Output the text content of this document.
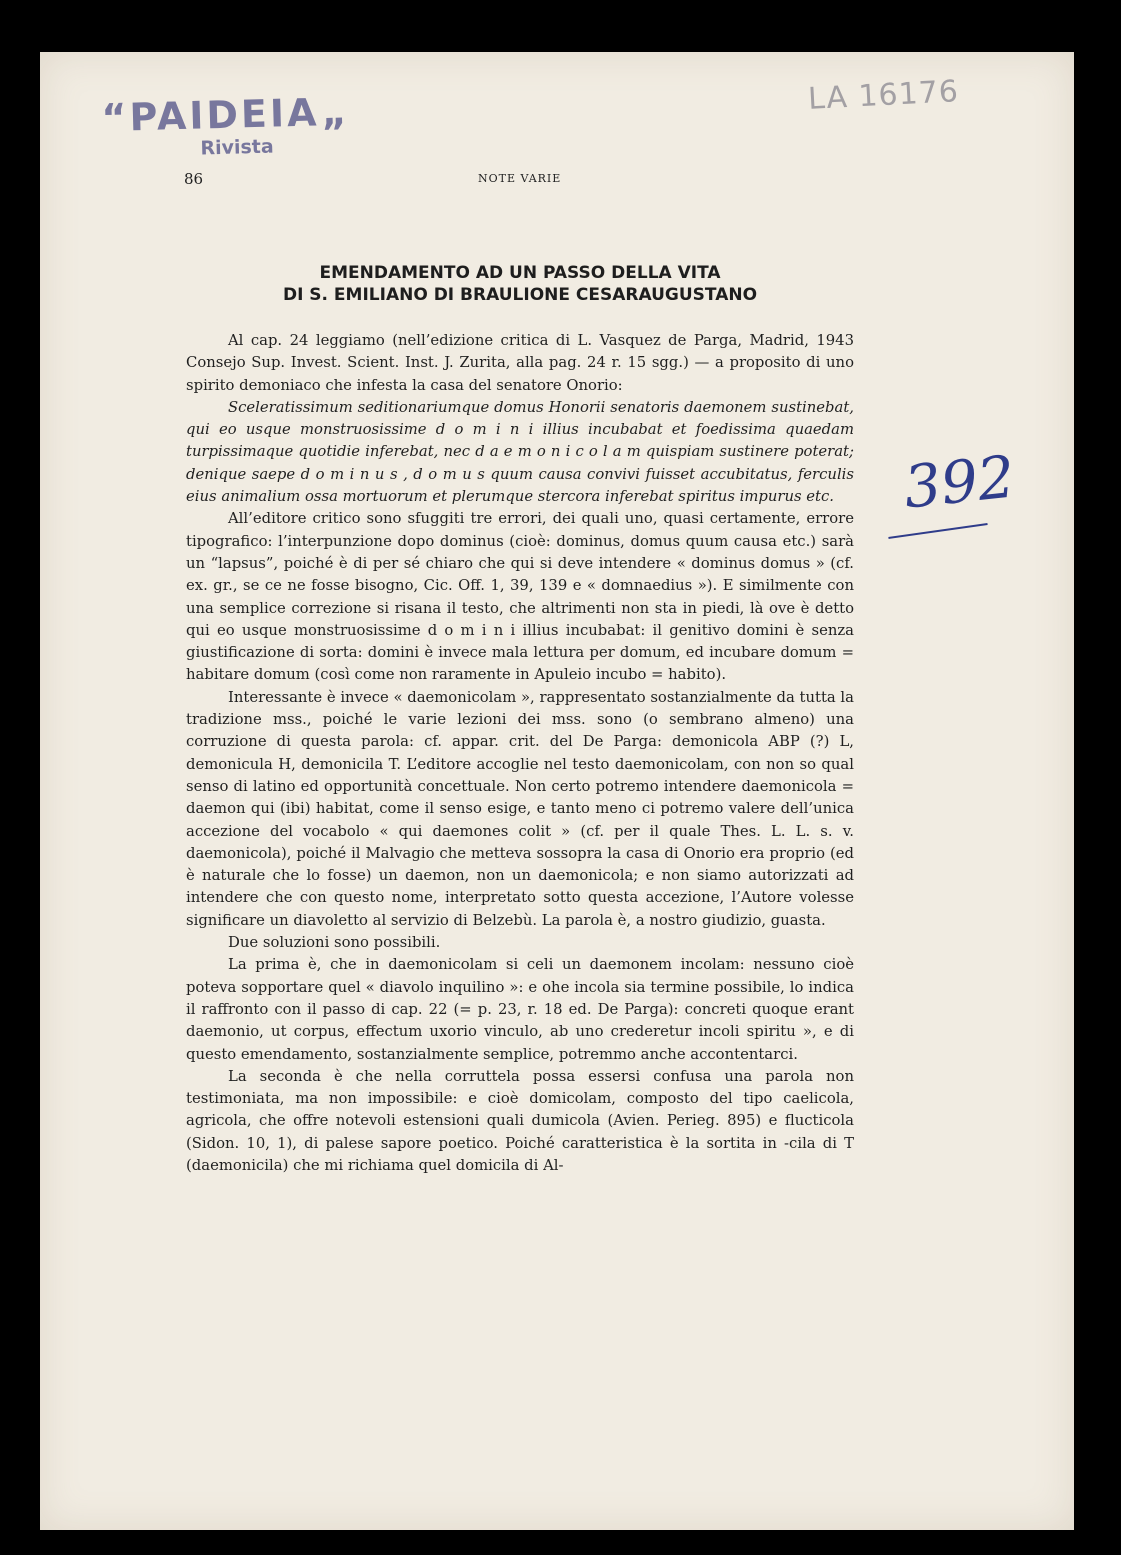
“PAIDEIA„
Rivista
LA 16176
392
86	NOTE VARIE
EMENDAMENTO AD UN PASSO DELLA VITA
DI S. EMILIANO DI BRAULIONE CESARAUGUSTANO

Al cap. 24 leggiamo (nell’edizione critica di L. Vasquez de Parga, Madrid, 1943 Consejo Sup. Invest. Scient. Inst. J. Zurita, alla pag. 24 r. 15 sgg.) — a proposito di uno spirito demoniaco che infesta la casa del senatore Onorio:

Sceleratissimum seditionariumque domus Honorii senatoris daemonem sustinebat, qui eo usque monstruosissime d o m i n i illius incubabat et foedissima quaedam turpissimaque quotidie inferebat, nec d a e m o n i c o l a m quispiam sustinere poterat; denique saepe d o m i n u s , d o m u s quum causa convivi fuisset accubitatus, ferculis eius animalium ossa mortuorum et plerumque stercora inferebat spiritus impurus etc.

All’editore critico sono sfuggiti tre errori, dei quali uno, quasi certamente, errore tipografico: l’interpunzione dopo dominus (cioè: dominus, domus quum causa etc.) sarà un “lapsus”, poiché è di per sé chiaro che qui si deve intendere « dominus domus » (cf. ex. gr., se ce ne fosse bisogno, Cic. Off. 1, 39, 139 e « domnaedius »). E similmente con una semplice correzione si risana il testo, che altrimenti non sta in piedi, là ove è detto qui eo usque monstruosissime d o m i n i illius incubabat: il genitivo domini è senza giustificazione di sorta: domini è invece mala lettura per domum, ed incubare domum = habitare domum (così come non raramente in Apuleio incubo = habito).

Interessante è invece « daemonicolam », rappresentato sostanzialmente da tutta la tradizione mss., poiché le varie lezioni dei mss. sono (o sembrano almeno) una corruzione di questa parola: cf. appar. crit. del De Parga: demonicola ABP (?) L, demonicula H, demonicila T. L’editore accoglie nel testo daemonicolam, con non so qual senso di latino ed opportunità concettuale. Non certo potremo intendere daemonicola = daemon qui (ibi) habitat, come il senso esige, e tanto meno ci potremo valere dell’unica accezione del vocabolo « qui daemones colit » (cf. per il quale Thes. L. L. s. v. daemonicola), poiché il Malvagio che metteva sossopra la casa di Onorio era proprio (ed è naturale che lo fosse) un daemon, non un daemonicola; e non siamo autorizzati ad intendere che con questo nome, interpretato sotto questa accezione, l’Autore volesse significare un diavoletto al servizio di Belzebù. La parola è, a nostro giudizio, guasta.

Due soluzioni sono possibili.

La prima è, che in daemonicolam si celi un daemonem incolam: nessuno cioè poteva sopportare quel « diavolo inquilino »: e ohe incola sia termine possibile, lo indica il raffronto con il passo di cap. 22 (= p. 23, r. 18 ed. De Parga): concreti quoque erant daemonio, ut corpus, effectum uxorio vinculo, ab uno crederetur incoli spiritu », e di questo emendamento, sostanzialmente semplice, potremmo anche accontentarci.

La seconda è che nella corruttela possa essersi confusa una parola non testimoniata, ma non impossibile: e cioè domicolam, composto del tipo caelicola, agricola, che offre notevoli estensioni quali dumicola (Avien. Perieg. 895) e flucticola (Sidon. 10, 1), di palese sapore poetico. Poiché caratteristica è la sortita in -cila di T (daemonicila) che mi richiama quel domicila di Al-
